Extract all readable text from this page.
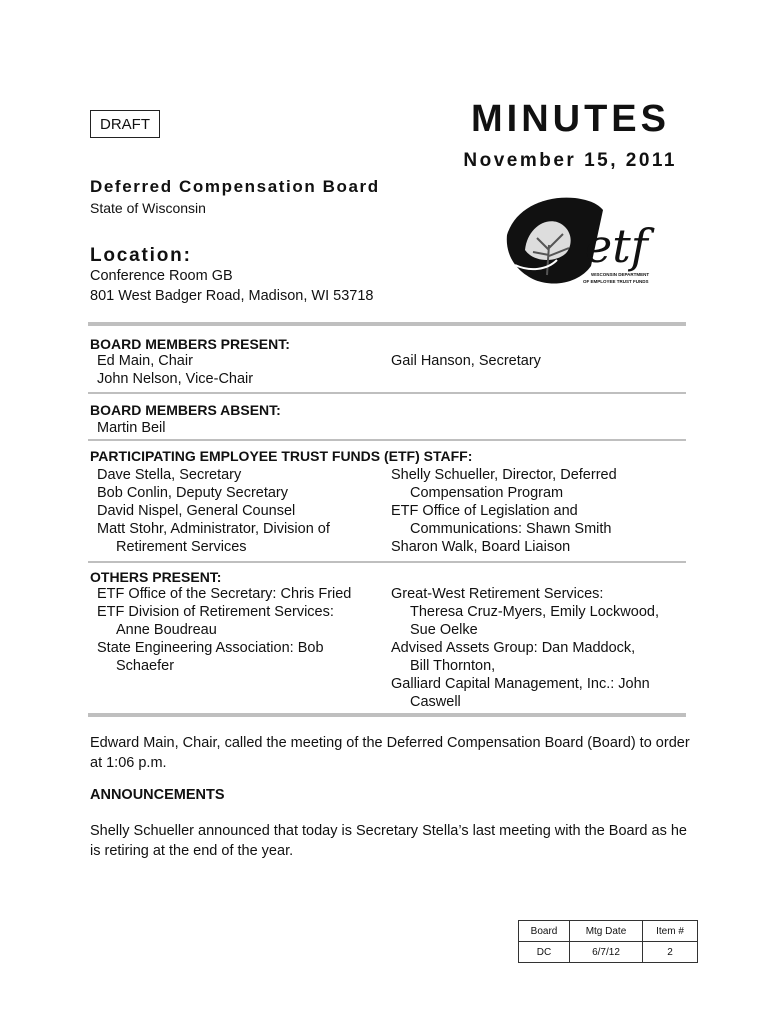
DRAFT	MINUTES
November 15, 2011
Deferred Compensation Board
State of Wisconsin
Location:
Conference Room GB
801 West Badger Road, Madison, WI 53718
etf
WISCONSIN DEPARTMENT
OF EMPLOYEE TRUST FUNDS
BOARD MEMBERS PRESENT:
Ed Main, Chair
John Nelson, Vice-Chair
Gail Hanson, Secretary
BOARD MEMBERS ABSENT:
Martin Beil
PARTICIPATING EMPLOYEE TRUST FUNDS (ETF) STAFF:
Dave Stella, Secretary
Bob Conlin, Deputy Secretary
David Nispel, General Counsel
Matt Stohr, Administrator, Division of
Retirement Services
Shelly Schueller, Director, Deferred
Compensation Program
ETF Office of Legislation and
Communications: Shawn Smith
Sharon Walk, Board Liaison
OTHERS PRESENT:
ETF Office of the Secretary: Chris Fried
ETF Division of Retirement Services:
Anne Boudreau
State Engineering Association: Bob
Schaefer
Great-West Retirement Services:
Theresa Cruz-Myers, Emily Lockwood,
Sue Oelke
Advised Assets Group: Dan Maddock,
Bill Thornton,
Galliard Capital Management, Inc.: John
Caswell
Edward Main, Chair, called the meeting of the Deferred Compensation Board (Board) to order at 1:06 p.m.
ANNOUNCEMENTS
Shelly Schueller announced that today is Secretary Stella’s last meeting with the Board as he is retiring at the end of the year.
Board	Mtg Date	Item #
DC	6/7/12	2
